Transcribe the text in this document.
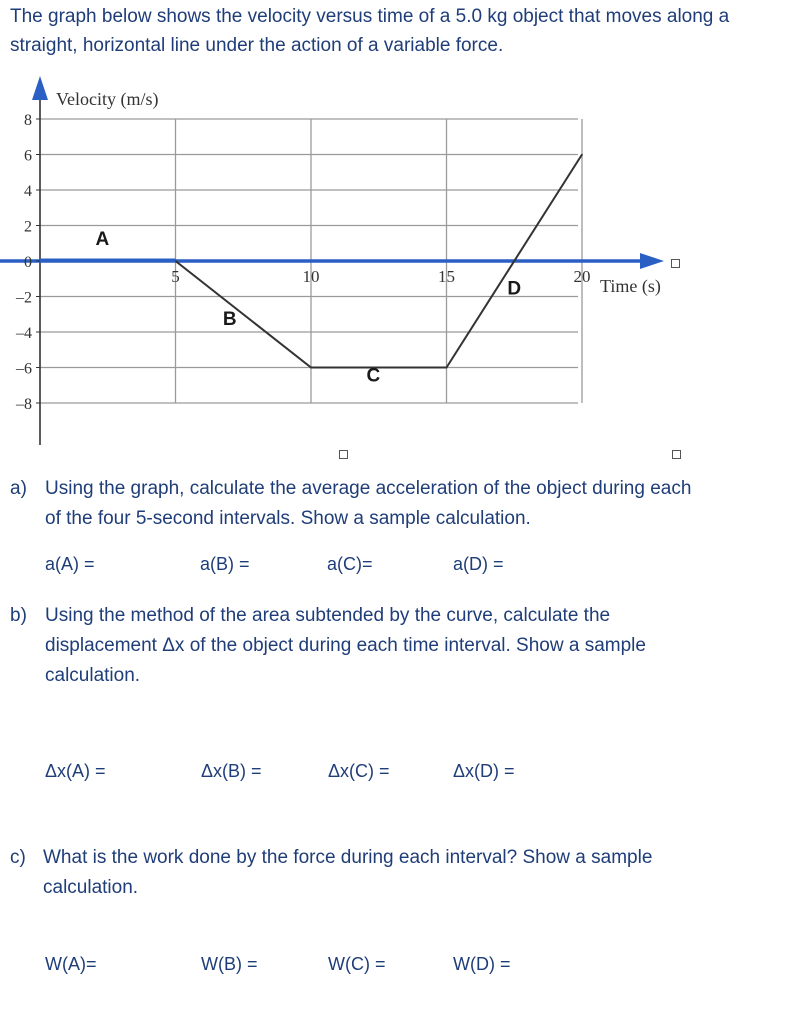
The graph below shows the velocity versus time of a 5.0 kg object that moves along a straight, horizontal line under the action of a variable force.
8
6
4
2
0
–2
–4
–6
–8
5	10	15	20
A
B
C
D
Velocity (m/s)
Time (s)
a) Using the graph, calculate the average acceleration of the object during each
of the four 5-second intervals. Show a sample calculation.
a(A) =	a(B) =	a(C)=	a(D) =
b) Using the method of the area subtended by the curve, calculate the
displacement Δx of the object during each time interval. Show a sample
calculation.
Δx(A) =	Δx(B) =	Δx(C) =	Δx(D) =
c) What is the work done by the force during each interval? Show a sample
calculation.
W(A)=	W(B) =	W(C) =	W(D) =
